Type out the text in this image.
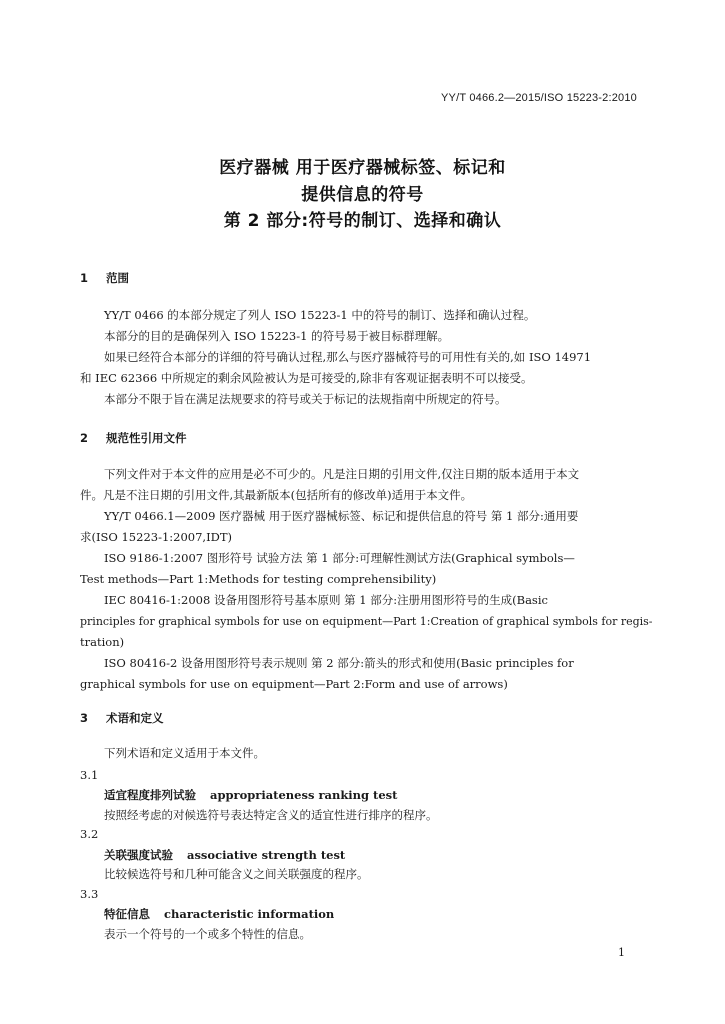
YY/T 0466.2—2015/ISO 15223-2:2010
医疗器械 用于医疗器械标签、标记和
提供信息的符号
第 2 部分:符号的制订、选择和确认
1 范围
YY/T 0466 的本部分规定了列人 ISO 15223-1 中的符号的制订、选择和确认过程。
本部分的目的是确保列入 ISO 15223-1 的符号易于被目标群理解。
如果已经符合本部分的详细的符号确认过程,那么与医疗器械符号的可用性有关的,如 ISO 14971
和 IEC 62366 中所规定的剩余风险被认为是可接受的,除非有客观证据表明不可以接受。
本部分不限于旨在满足法规要求的符号或关于标记的法规指南中所规定的符号。
2 规范性引用文件
下列文件对于本文件的应用是必不可少的。凡是注日期的引用文件,仅注日期的版本适用于本文
件。凡是不注日期的引用文件,其最新版本(包括所有的修改单)适用于本文件。
YY/T 0466.1—2009 医疗器械 用于医疗器械标签、标记和提供信息的符号 第 1 部分:通用要
求(ISO 15223-1:2007,IDT)
ISO 9186-1:2007 图形符号 试验方法 第 1 部分:可理解性测试方法(Graphical symbols—
Test methods—Part 1:Methods for testing comprehensibility)
IEC 80416-1:2008 设备用图形符号基本原则 第 1 部分:注册用图形符号的生成(Basic
principles for graphical symbols for use on equipment—Part 1:Creation of graphical symbols for regis-
tration)
ISO 80416-2 设备用图形符号表示规则 第 2 部分:箭头的形式和使用(Basic principles for
graphical symbols for use on equipment—Part 2:Form and use of arrows)
3 术语和定义
下列术语和定义适用于本文件。
3.1
适宜程度排列试验 appropriateness ranking test
按照经考虑的对候选符号表达特定含义的适宜性进行排序的程序。
3.2
关联强度试验 associative strength test
比较候选符号和几种可能含义之间关联强度的程序。
3.3
特征信息 characteristic information
表示一个符号的一个或多个特性的信息。
1
